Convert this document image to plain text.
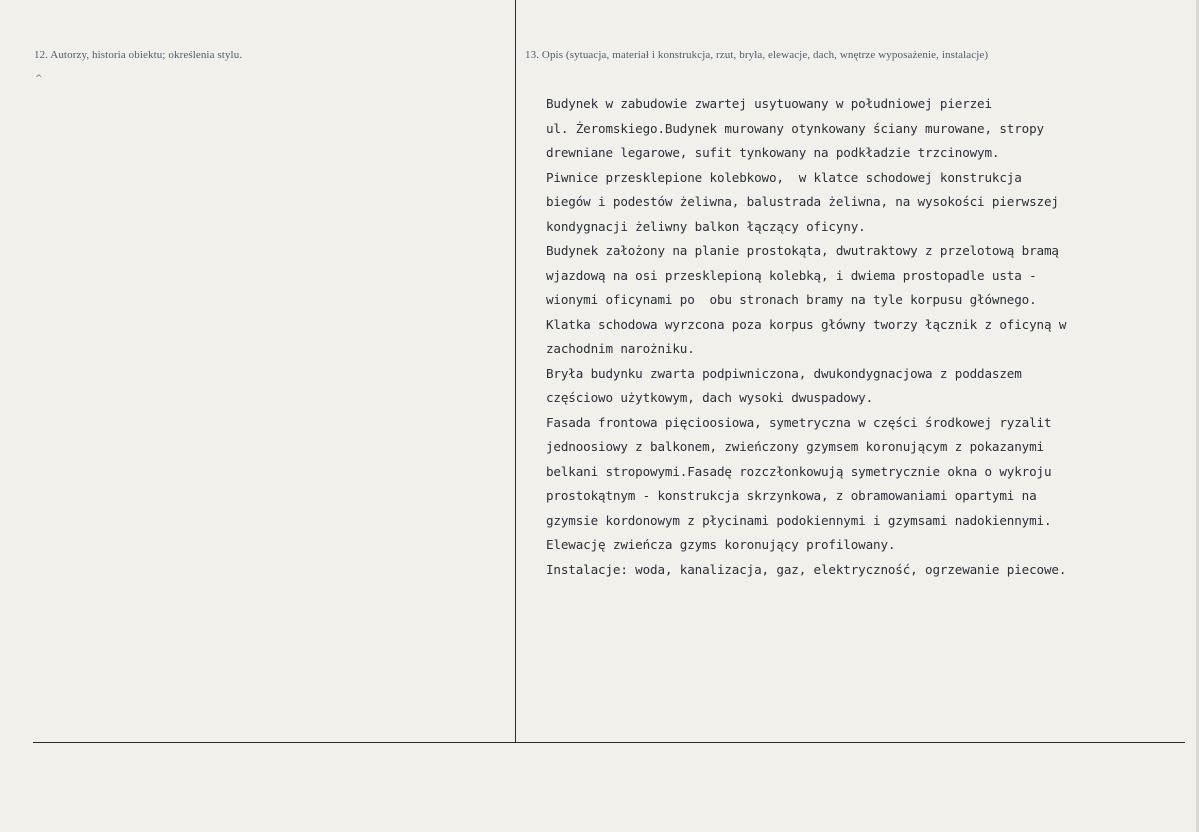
12. Autorzy, historia obiektu; określenia stylu.
^
13. Opis (sytuacja, materiał i konstrukcja, rzut, bryła, elewacje, dach, wnętrze wyposażenie, instalacje)
Budynek w zabudowie zwartej usytuowany w południowej pierzei
ul. Żeromskiego.Budynek murowany otynkowany ściany murowane, stropy
drewniane legarowe, sufit tynkowany na podkładzie trzcinowym.
Piwnice przesklepione kolebkowo,  w klatce schodowej konstrukcja
biegów i podestów żeliwna, balustrada żeliwna, na wysokości pierwszej
kondygnacji żeliwny balkon łączący oficyny.
Budynek założony na planie prostokąta, dwutraktowy z przelotową bramą
wjazdową na osi przesklepioną kolebką, i dwiema prostopadle usta -
wionymi oficynami po  obu stronach bramy na tyle korpusu głównego.
Klatka schodowa wyrzcona poza korpus główny tworzy łącznik z oficyną w
zachodnim narożniku.
Bryła budynku zwarta podpiwniczona, dwukondygnacjowa z poddaszem
częściowo użytkowym, dach wysoki dwuspadowy.
Fasada frontowa pięcioosiowa, symetryczna w części środkowej ryzalit
jednoosiowy z balkonem, zwieńczony gzymsem koronującym z pokazanymi
belkani stropowymi.Fasadę rozczłonkowują symetrycznie okna o wykroju
prostokątnym - konstrukcja skrzynkowa, z obramowaniami opartymi na
gzymsie kordonowym z płycinami podokiennymi i gzymsami nadokiennymi.
Elewację zwieńcza gzyms koronujący profilowany.
Instalacje: woda, kanalizacja, gaz, elektryczność, ogrzewanie piecowe.
